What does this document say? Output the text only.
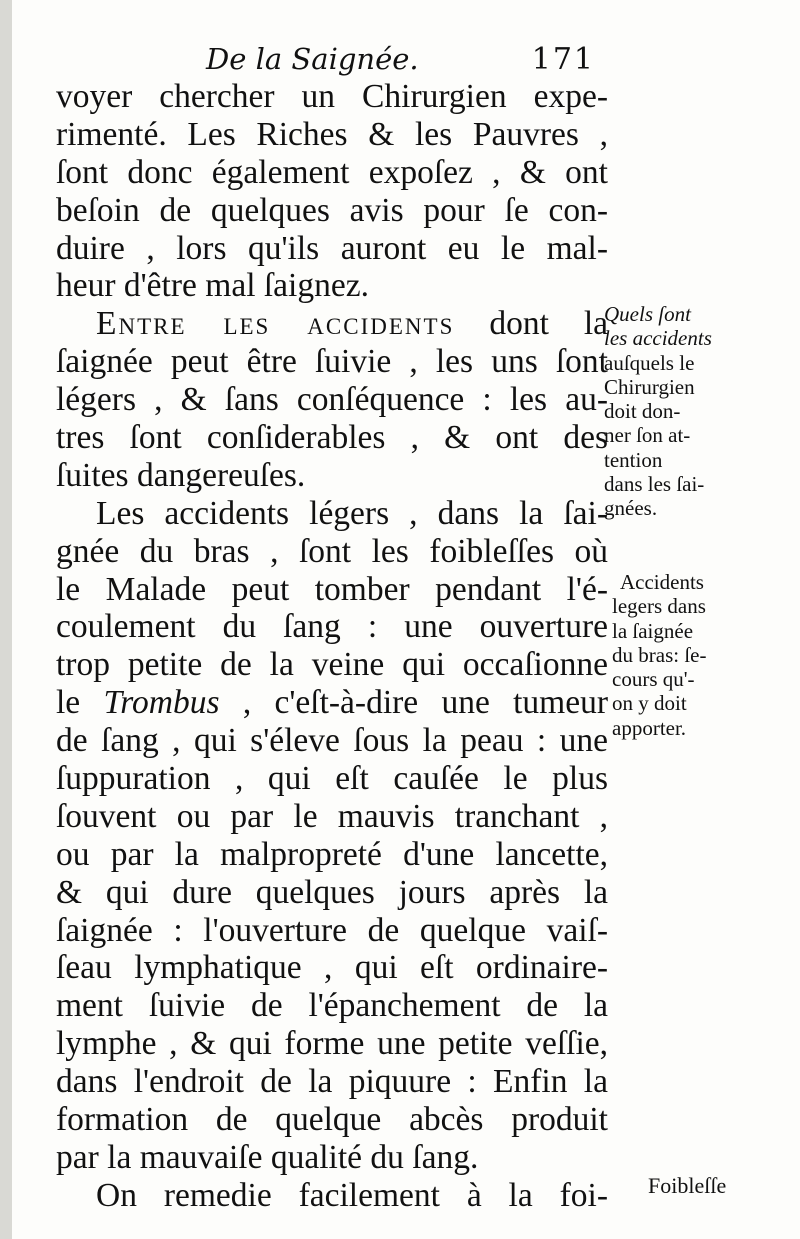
De la Saignée.	171
voyer chercher un Chirurgien expe-
rimenté. Les Riches & les Pauvres ,
ſont donc également expoſez , & ont
beſoin de quelques avis pour ſe con-
duire , lors qu'ils auront eu le mal-
heur d'être mal ſaignez.
Entre les accidents dont la
ſaignée peut être ſuivie , les uns ſont
légers , & ſans conſéquence : les au-
tres ſont conſiderables , & ont des
ſuites dangereuſes.
Les accidents légers , dans la ſai-
gnée du bras , ſont les foibleſſes où
le Malade peut tomber pendant l'é-
coulement du ſang : une ouverture
trop petite de la veine qui occaſionne
le Trombus , c'eſt-à-dire une tumeur
de ſang , qui s'éleve ſous la peau : une
ſuppuration , qui eſt cauſée le plus
ſouvent ou par le mauvis tranchant ,
ou par la malpropreté d'une lancette,
& qui dure quelques jours après la
ſaignée : l'ouverture de quelque vaiſ-
ſeau lymphatique , qui eſt ordinaire-
ment ſuivie de l'épanchement de la
lymphe , & qui forme une petite veſſie,
dans l'endroit de la piquure : Enfin la
formation de quelque abcès produit
par la mauvaiſe qualité du ſang.
On remedie facilement à la foi-
Quels ſont
les accidents
auſquels le
Chirurgien
doit don-
ner ſon at-
tention
dans les ſai-
gnées.
Accidents
legers dans
la ſaignée
du bras: ſe-
cours qu'-
on y doit
apporter.
Foibleſſe
